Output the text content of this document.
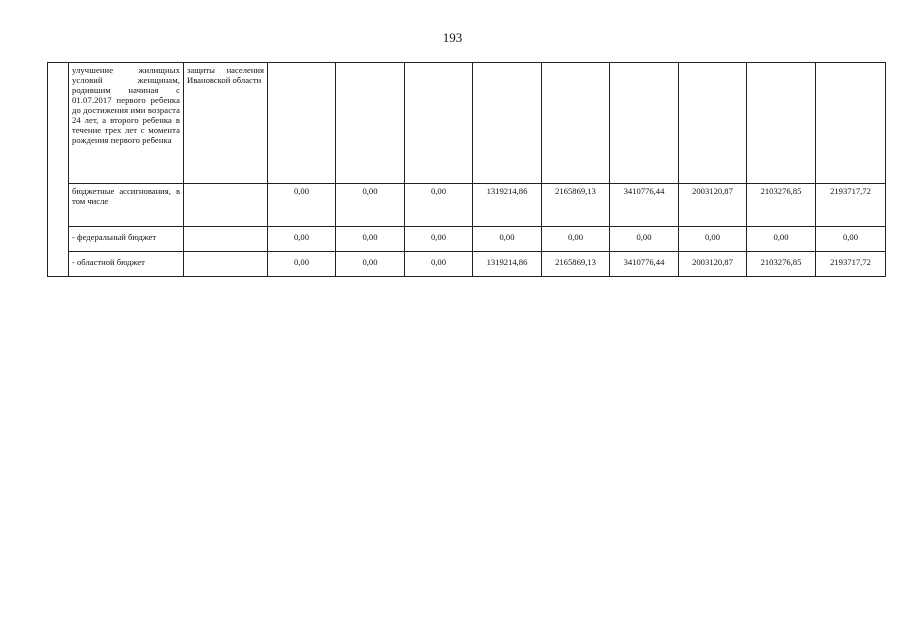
193
	улучшение жилищных условий женщинам, родившим начиная с 01.07.2017 первого ребенка до достижения ими возраста 24 лет, а второго ребенка в течение трех лет с момента рождения первого ребенка	защиты населения Ивановской области									
	бюджетные ассигнования, в том числе		0,00	0,00	0,00	1319214,86	2165869,13	3410776,44	2003120,87	2103276,85	2193717,72
	- федеральный бюджет		0,00	0,00	0,00	0,00	0,00	0,00	0,00	0,00	0,00
	- областной бюджет		0,00	0,00	0,00	1319214,86	2165869,13	3410776,44	2003120,87	2103276,85	2193717,72
